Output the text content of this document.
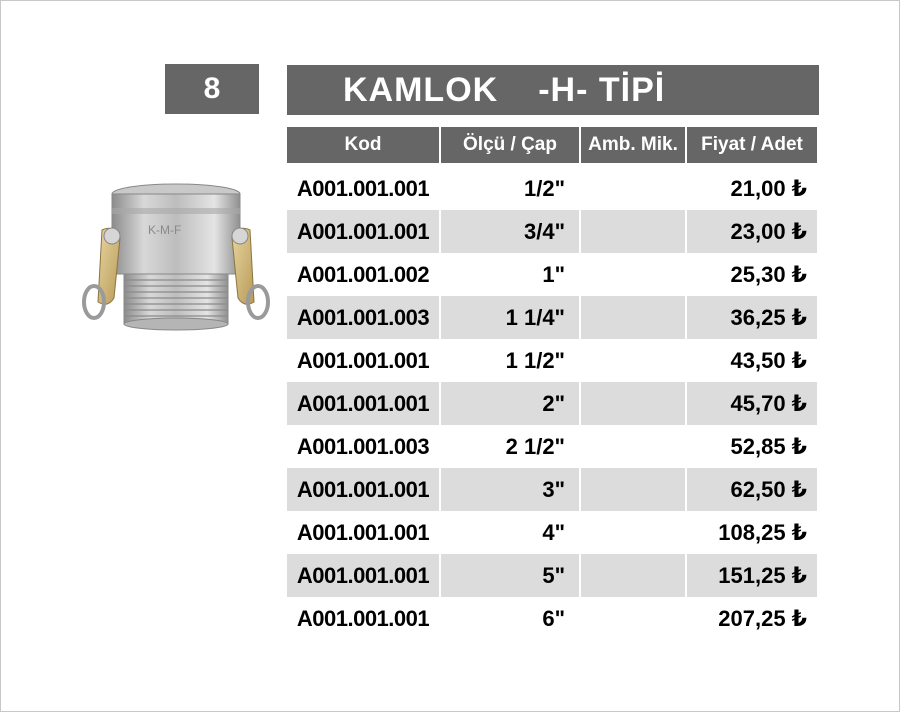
8	KAMLOK -H- TİPİ
K-M-F
Kod	Ölçü / Çap	Amb. Mik.	Fiyat / Adet
A001.001.001	1/2"		21,00 ₺
A001.001.001	3/4"		23,00 ₺
A001.001.002	1"		25,30 ₺
A001.001.003	1 1/4"		36,25 ₺
A001.001.001	1 1/2"		43,50 ₺
A001.001.001	2"		45,70 ₺
A001.001.003	2 1/2"		52,85 ₺
A001.001.001	3"		62,50 ₺
A001.001.001	4"		108,25 ₺
A001.001.001	5"		151,25 ₺
A001.001.001	6"		207,25 ₺
